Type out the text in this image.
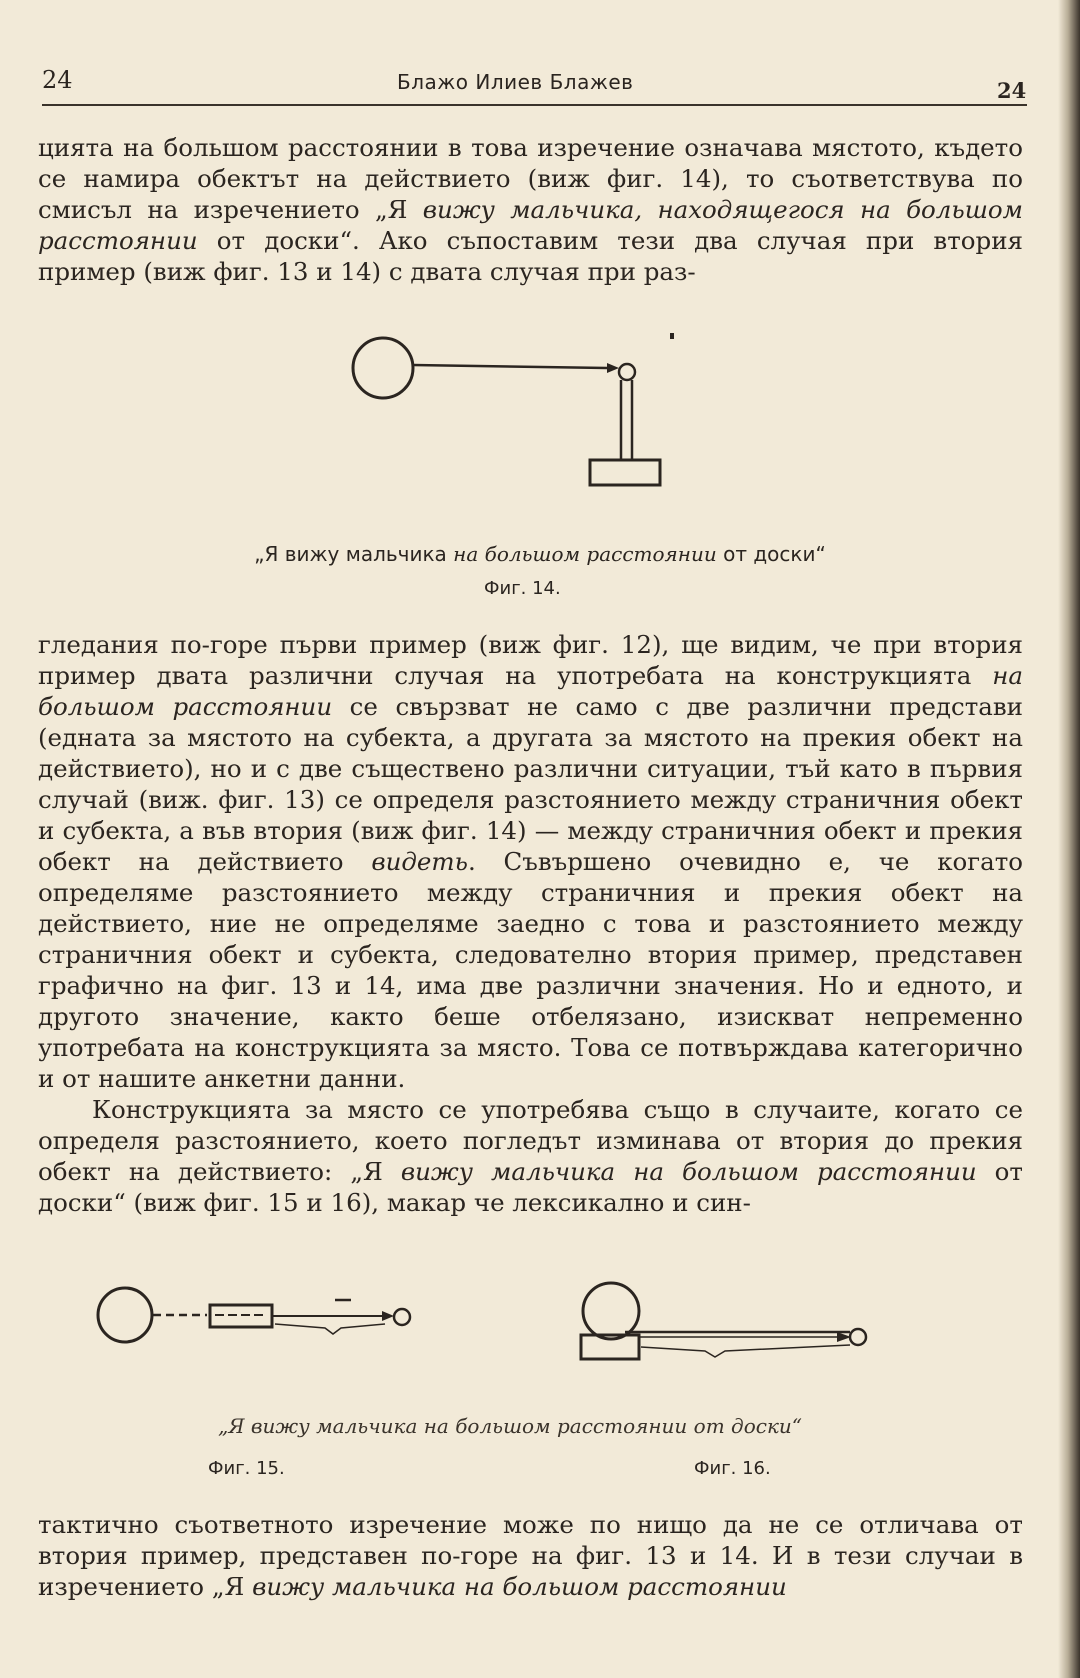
24	Блажо Илиев Блажев	24
цията на большом расстоянии в това изречение означава мястото, където се намира обектът на действието (виж фиг. 14), то съответствува по смисъл на изречението „Я вижу мальчика, находящегося на большом расстоянии от доски“. Ако съпоставим тези два случая при втория пример (виж фиг. 13 и 14) с двата случая при раз-
„Я вижу мальчика на большом расстоянии от доски“
Фиг. 14.
гледания по-горе първи пример (виж фиг. 12), ще видим, че при втория пример двата различни случая на употребата на конструкцията на большом расстоянии се свързват не само с две различни представи (едната за мястото на субекта, а другата за мястото на прекия обект на действието), но и с две съществено различни ситуации, тъй като в първия случай (виж. фиг. 13) се определя разстоянието между страничния обект и субекта, а във втория (виж фиг. 14) — между страничния обект и прекия обект на действието видеть. Съвършено очевидно е, че когато определяме разстоянието между страничния и прекия обект на действието, ние не определяме заедно с това и разстоянието между страничния обект и субекта, следователно втория пример, представен графично на фиг. 13 и 14, има две различни значения. Но и едното, и другото значение, както беше отбелязано, изискват непременно употребата на конструкцията за място. Това се потвърждава категорично и от нашите анкетни данни.
Конструкцията за място се употребява също в случаите, когато се определя разстоянието, което погледът изминава от втория до прекия обект на действието: „Я вижу мальчика на большом расстоянии от доски“ (виж фиг. 15 и 16), макар че лексикално и син-
„Я вижу мальчика на большом расстоянии от доски“
Фиг. 15.	Фиг. 16.
тактично съответното изречение може по нищо да не се отличава от втория пример, представен по-горе на фиг. 13 и 14. И в тези случаи в изречението „Я вижу мальчика на большом расстоянии
